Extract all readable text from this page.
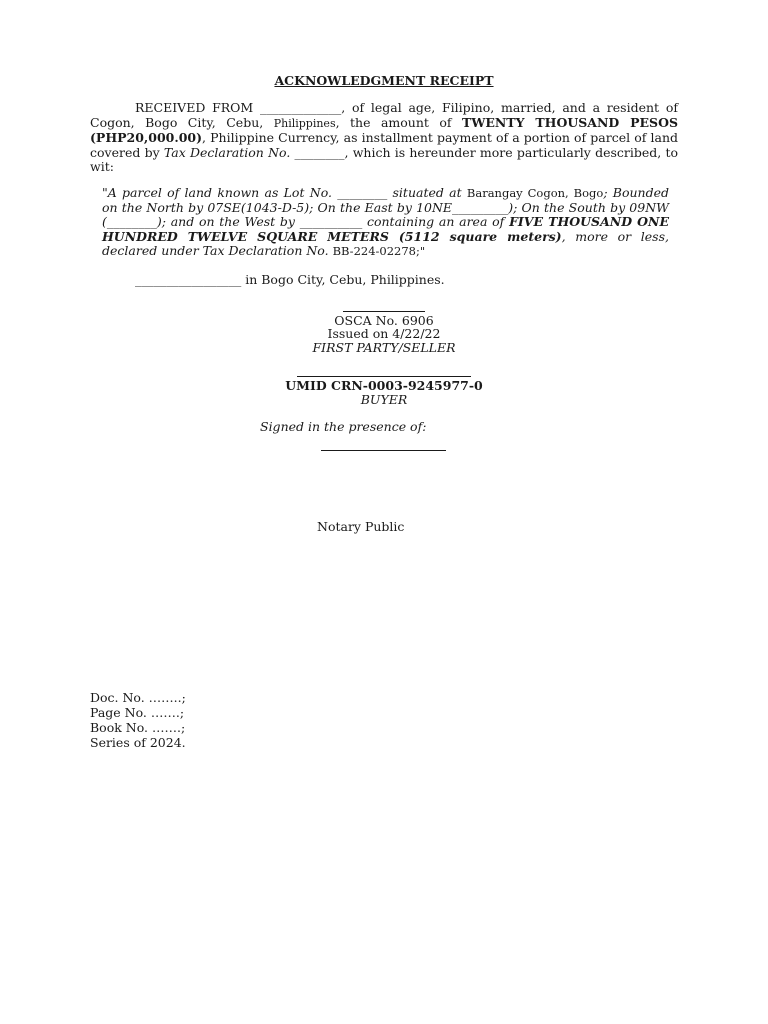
ACKNOWLEDGMENT RECEIPT
RECEIVED FROM _____________, of legal age, Filipino, married, and a resident of Cogon, Bogo City, Cebu, Philippines, the amount of TWENTY THOUSAND PESOS (PHP20,000.00), Philippine Currency, as installment payment of a portion of parcel of land covered by Tax Declaration No. ________, which is hereunder more particularly described, to wit:
"A parcel of land known as Lot No. ________ situated at Barangay Cogon, Bogo; Bounded on the North by 07SE(1043-D-5); On the East by 10NE_________); On the South by 09NW (________); and on the West by __________ containing an area of FIVE THOUSAND ONE HUNDRED TWELVE SQUARE METERS (5112 square meters), more or less, declared under Tax Declaration No. BB-224-02278;"
_________________ in Bogo City, Cebu, Philippines.
OSCA No. 6906
Issued on 4/22/22
FIRST PARTY/SELLER
UMID CRN-0003-9245977-0
BUYER
Signed in the presence of:
Notary Public
Doc. No. ……..;
Page No. …….;
Book No. …….;
Series of 2024.
